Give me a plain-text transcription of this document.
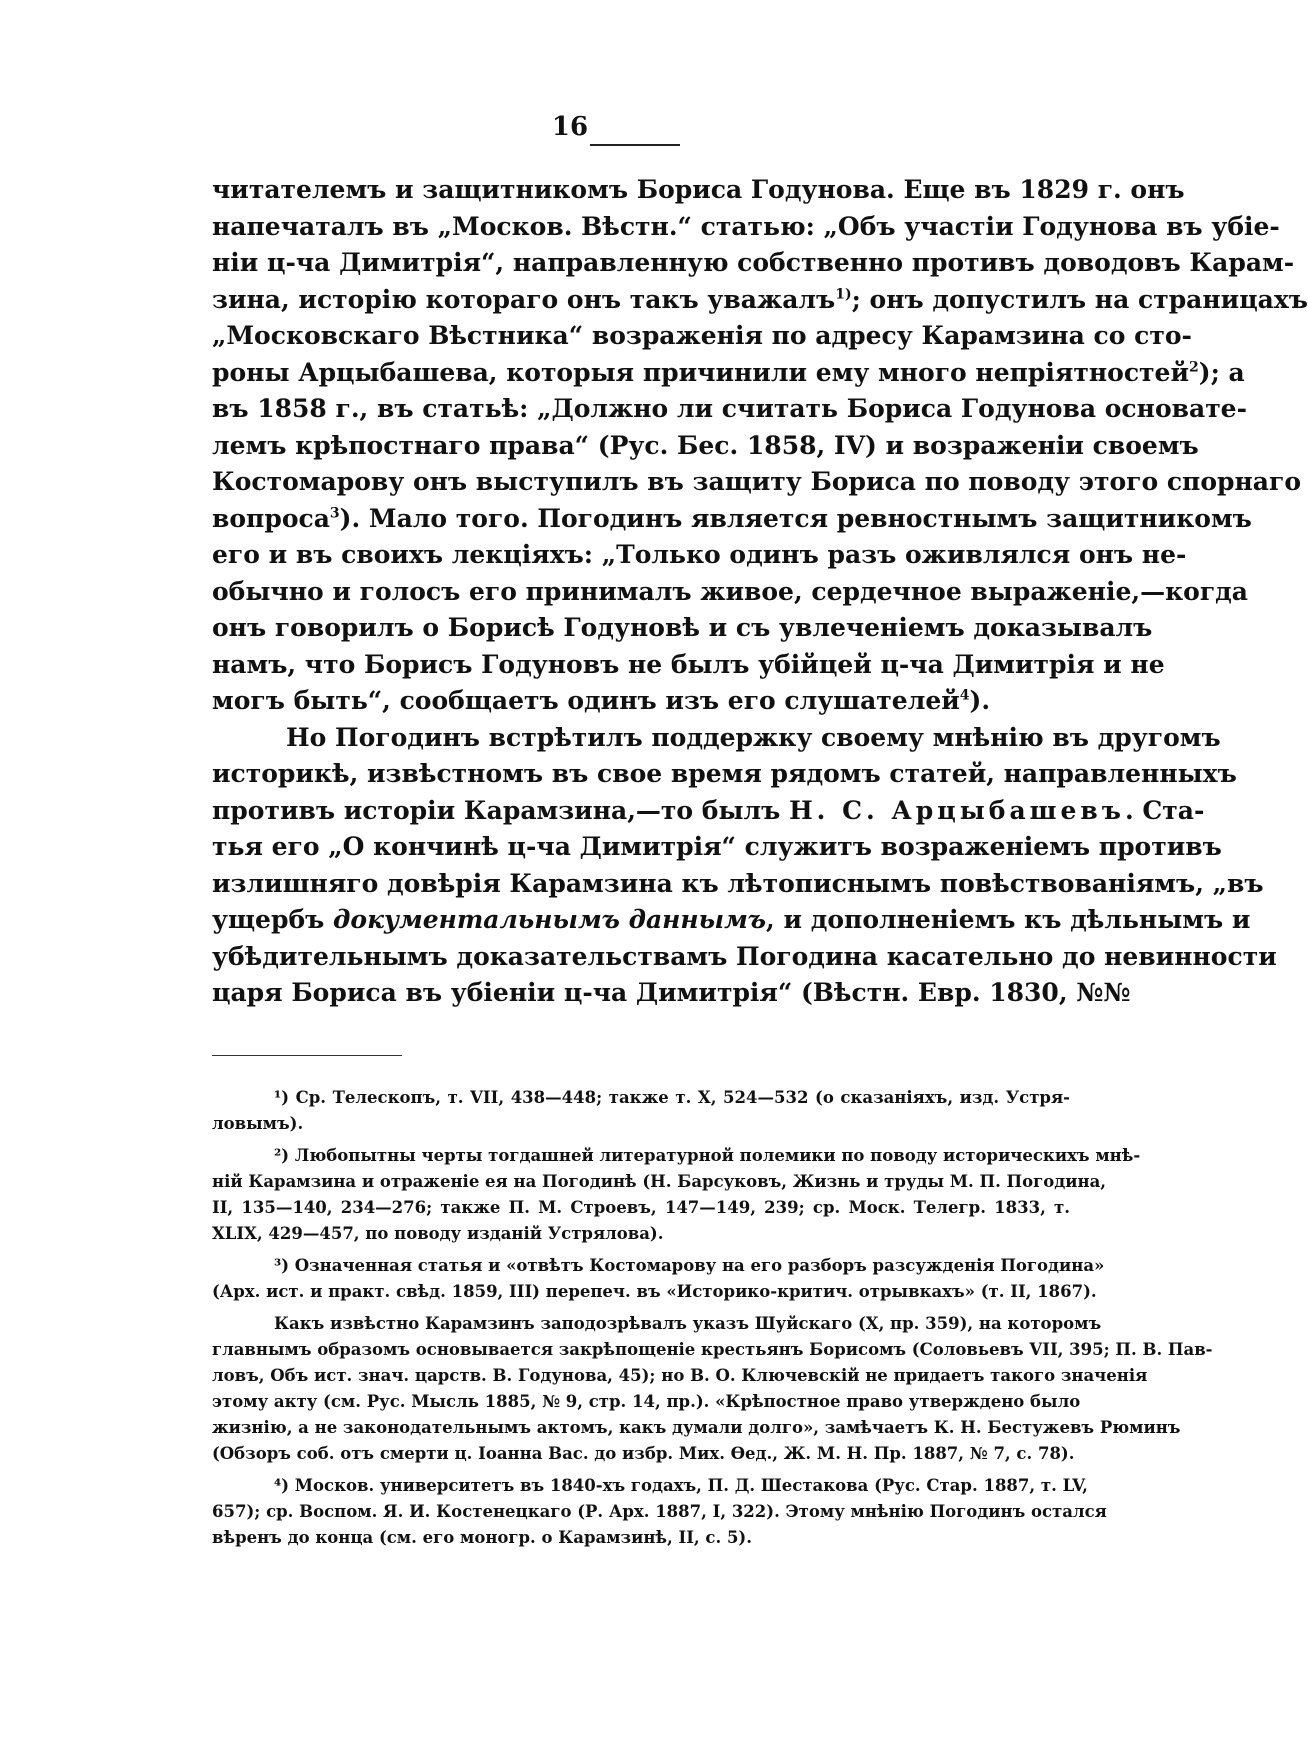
16
читателемъ и защитникомъ Бориса Годунова. Еще въ 1829 г. онъ
напечаталъ въ „Москов. Вѣстн.“ статью: „Объ участіи Годунова въ убіе-
ніи ц-ча Димитрія“, направленную собственно противъ доводовъ Карам-
зина, исторію котораго онъ такъ уважалъ$^{1)}$; онъ допустилъ на страницахъ
„Московскаго Вѣстника“ возраженія по адресу Карамзина со сто-
роны Арцыбашева, которыя причинили ему много непріятностей$^2$); а
въ 1858 г., въ статьѣ: „Должно ли считать Бориса Годунова основате-
лемъ крѣпостнаго права“ (Рус. Бес. 1858, IV) и возраженіи своемъ
Костомарову онъ выступилъ въ защиту Бориса по поводу этого спорнаго
вопроса$^3$). Мало того. Погодинъ является ревностнымъ защитникомъ
его и въ своихъ лекціяхъ: „Только одинъ разъ оживлялся онъ не-
обычно и голосъ его принималъ живое, сердечное выраженіе,—когда
онъ говорилъ о Борисѣ Годуновѣ и съ увлеченіемъ доказывалъ
намъ, что Борисъ Годуновъ не былъ убійцей ц-ча Димитрія и не
могъ быть“, сообщаетъ одинъ изъ его слушателей$^4$).
Но Погодинъ встрѣтилъ поддержку своему мнѣнію въ другомъ
историкѣ, извѣстномъ въ свое время рядомъ статей, направленныхъ
противъ исторіи Карамзина,—то былъ Н. С. Арцыбашевъ. Ста-
тья его „О кончинѣ ц-ча Димитрія“ служитъ возраженіемъ противъ
излишняго довѣрія Карамзина къ лѣтописнымъ повѣствованіямъ, „въ
ущербъ документальнымъ даннымъ, и дополненіемъ къ дѣльнымъ и
убѣдительнымъ доказательствамъ Погодина касательно до невинности
царя Бориса въ убіеніи ц-ча Димитрія“ (Вѣстн. Евр. 1830, №№
¹) Ср. Телескопъ, т. VII, 438—448; также т. X, 524—532 (о сказаніяхъ, изд. Устря-
ловымъ).
²) Любопытны черты тогдашней литературной полемики по поводу историческихъ мнѣ-
ній Карамзина и отраженіе ея на Погодинѣ (Н. Барсуковъ, Жизнь и труды М. П. Погодина,
II, 135—140, 234—276; также П. М. Строевъ, 147—149, 239; ср. Моск. Телегр. 1833, т.
XLIX, 429—457, по поводу изданій Устрялова).
³) Означенная статья и «отвѣтъ Костомарову на его разборъ разсужденія Погодина»
(Арх. ист. и практ. свѣд. 1859, III) перепеч. въ «Историко-критич. отрывкахъ» (т. II, 1867).
Какъ извѣстно Карамзинъ заподозрѣвалъ указъ Шуйскаго (X, пр. 359), на которомъ
главнымъ образомъ основывается закрѣпощеніе крестьянъ Борисомъ (Соловьевъ VII, 395; П. В. Пав-
ловъ, Объ ист. знач. царств. В. Годунова, 45); но В. О. Ключевскій не придаетъ такого значенія
этому акту (см. Рус. Мысль 1885, № 9, стр. 14, пр.). «Крѣпостное право утверждено было
жизнію, а не законодательнымъ актомъ, какъ думали долго», замѣчаетъ К. Н. Бестужевъ Рюминъ
(Обзоръ соб. отъ смерти ц. Іоанна Вас. до избр. Мих. Ѳед., Ж. М. Н. Пр. 1887, № 7, с. 78).
⁴) Москов. университетъ въ 1840-хъ годахъ, П. Д. Шестакова (Рус. Стар. 1887, т. LV,
657); ср. Воспом. Я. И. Костенецкаго (Р. Арх. 1887, I, 322). Этому мнѣнію Погодинъ остался
вѣренъ до конца (см. его моногр. о Карамзинѣ, II, с. 5).
